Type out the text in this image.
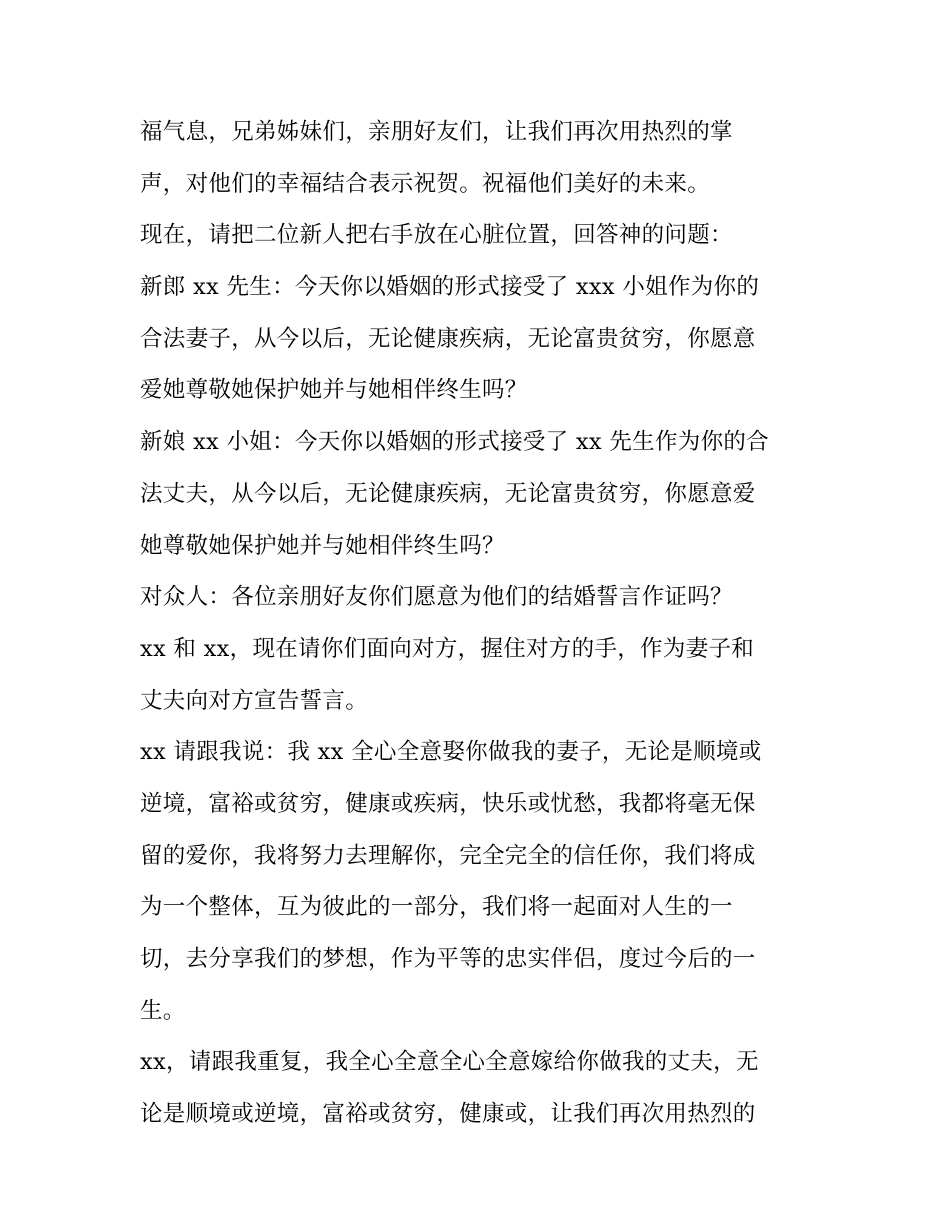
福气息，兄弟姊妹们，亲朋好友们，让我们再次用热烈的掌
声，对他们的幸福结合表示祝贺。祝福他们美好的未来。
现在，请把二位新人把右手放在心脏位置，回答神的问题：
新郎 xx 先生：今天你以婚姻的形式接受了 xxx 小姐作为你的
合法妻子，从今以后，无论健康疾病，无论富贵贫穷，你愿意
爱她尊敬她保护她并与她相伴终生吗？
新娘 xx 小姐：今天你以婚姻的形式接受了 xx 先生作为你的合
法丈夫，从今以后，无论健康疾病，无论富贵贫穷，你愿意爱
她尊敬她保护她并与她相伴终生吗？
对众人：各位亲朋好友你们愿意为他们的结婚誓言作证吗？
xx 和 xx，现在请你们面向对方，握住对方的手，作为妻子和
丈夫向对方宣告誓言。
xx 请跟我说：我 xx 全心全意娶你做我的妻子，无论是顺境或
逆境，富裕或贫穷，健康或疾病，快乐或忧愁，我都将毫无保
留的爱你，我将努力去理解你，完全完全的信任你，我们将成
为一个整体，互为彼此的一部分，我们将一起面对人生的一
切，去分享我们的梦想，作为平等的忠实伴侣，度过今后的一
生。
xx，请跟我重复，我全心全意全心全意嫁给你做我的丈夫，无
论是顺境或逆境，富裕或贫穷，健康或，让我们再次用热烈的
